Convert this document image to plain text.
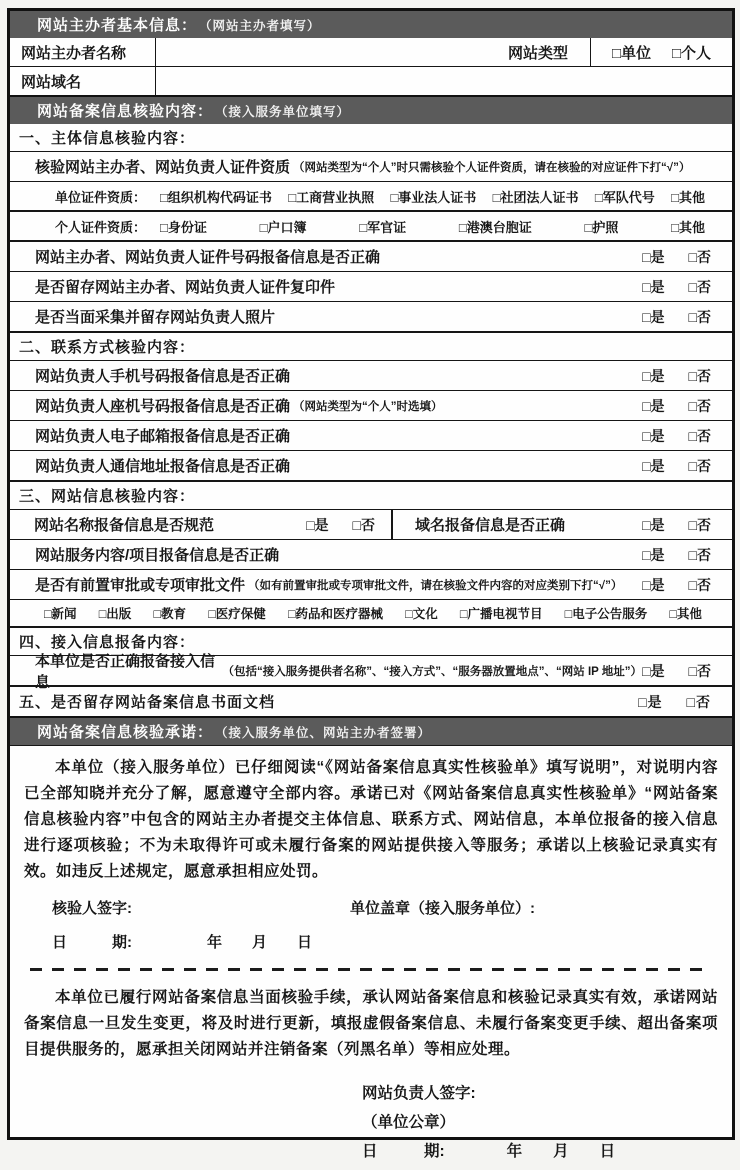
网站主办者基本信息： （网站主办者填写）
网站主办者名称	网站类型	□单位 □个人
网站域名
网站备案信息核验内容： （接入服务单位填写）
一、主体信息核验内容：
核验网站主办者、网站负责人证件资质 （网站类型为“个人”时只需核验个人证件资质，请在核验的对应证件下打“√”）
单位证件资质： □组织机构代码证书 □工商营业执照 □事业法人证书 □社团法人证书 □军队代号 □其他
个人证件资质： □身份证	□户口簿	□军官证	□港澳台胞证	□护照	□其他
网站主办者、网站负责人证件号码报备信息是否正确	□是 □否
是否留存网站主办者、网站负责人证件复印件	□是 □否
是否当面采集并留存网站负责人照片	□是 □否
二、联系方式核验内容：
网站负责人手机号码报备信息是否正确	□是 □否
网站负责人座机号码报备信息是否正确 （网站类型为“个人”时选填）	□是 □否
网站负责人电子邮箱报备信息是否正确	□是 □否
网站负责人通信地址报备信息是否正确	□是 □否
三、网站信息核验内容：
网站名称报备信息是否规范	□是 □否	域名报备信息是否正确	□是 □否
网站服务内容/项目报备信息是否正确	□是 □否
是否有前置审批或专项审批文件 （如有前置审批或专项审批文件，请在核验文件内容的对应类别下打“√”） □是 □否
□新闻 □出版 □教育 □医疗保健 □药品和医疗器械 □文化 □广播电视节目 □电子公告服务 □其他
四、接入信息报备内容：
本单位是否正确报备接入信息
（包括“接入服务提供者名称”、“接入方式”、“服务器放置地点”、“网站 IP 地址”） □是 □否
五、是否留存网站备案信息书面文档	□是 □否
网站备案信息核验承诺： （接入服务单位、网站主办者签署）

本单位（接入服务单位）已仔细阅读“《网站备案信息真实性核验单》填写说明”，对说明内容已全部知晓并充分了解，愿意遵守全部内容。承诺已对《网站备案信息真实性核验单》“网站备案信息核验内容”中包含的网站主办者提交主体信息、联系方式、网站信息，本单位报备的接入信息进行逐项核验；不为未取得许可或未履行备案的网站提供接入等服务；承诺以上核验记录真实有效。如违反上述规定，愿意承担相应处罚。

核验人签字:	单位盖章（接入服务单位）:
日　　　期:　　　　　年　　月　　日

本单位已履行网站备案信息当面核验手续，承认网站备案信息和核验记录真实有效，承诺网站备案信息一旦发生变更，将及时进行更新，填报虚假备案信息、未履行备案变更手续、超出备案项目提供服务的，愿承担关闭网站并注销备案（列黑名单）等相应处理。

网站负责人签字:
（单位公章）
日　　　期:　　　　年　　月　　日
